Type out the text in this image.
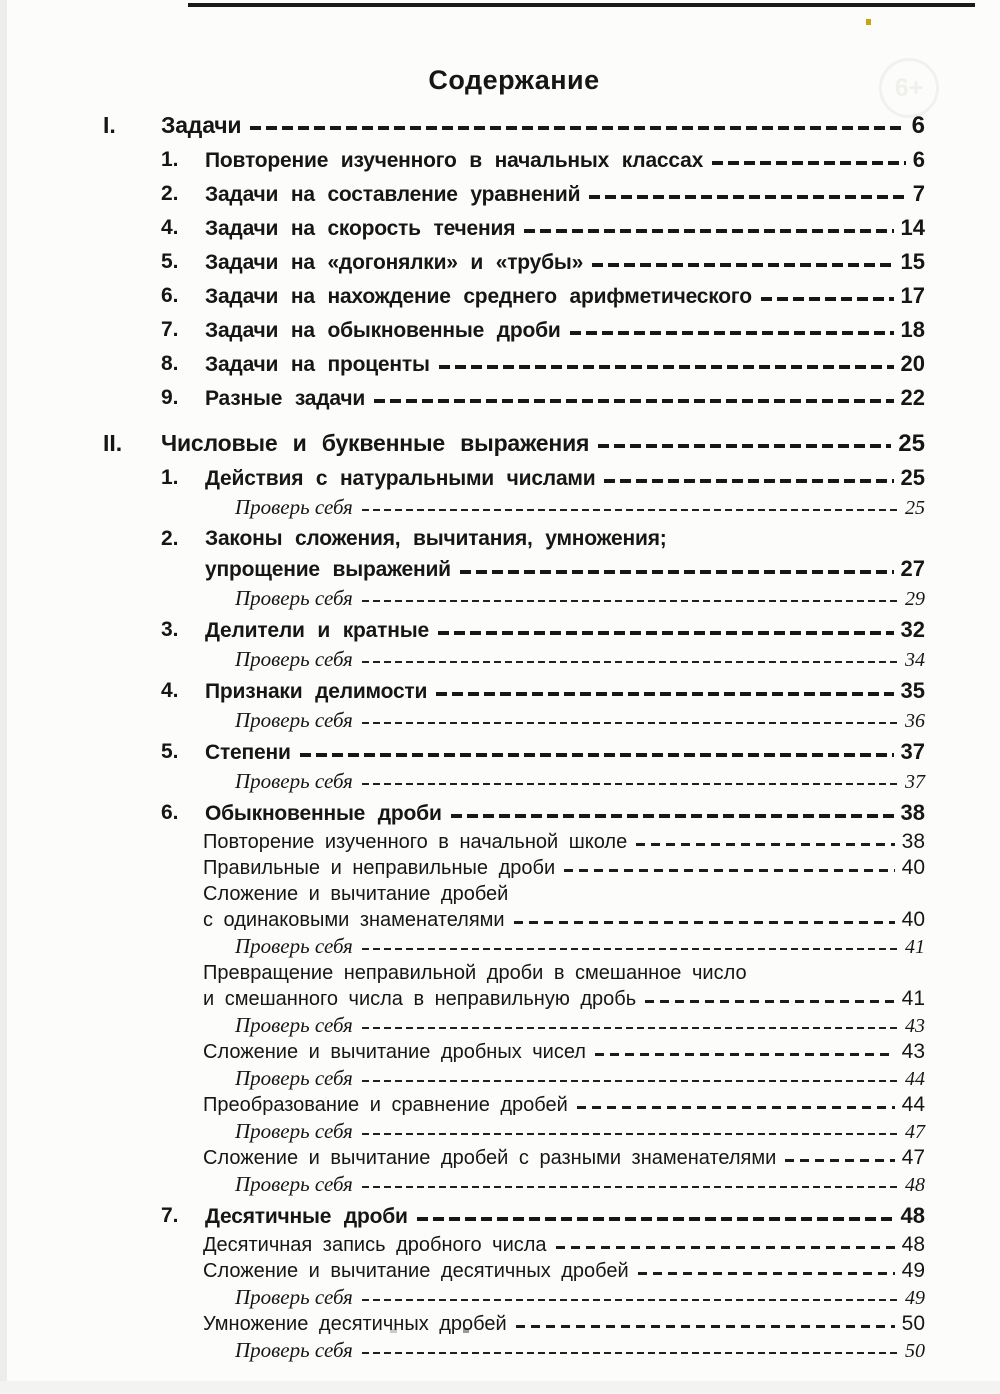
6+
Содержание
I.	Задачи	6
1.	Повторение изученного в начальных классах	6
2.	Задачи на составление уравнений	7
4.	Задачи на скорость течения	14
5.	Задачи на «догонялки» и «трубы»	15
6.	Задачи на нахождение среднего арифметического	17
7.	Задачи на обыкновенные дроби	18
8.	Задачи на проценты	20
9.	Разные задачи	22
II.	Числовые и буквенные выражения	25
1.	Действия с натуральными числами	25
Проверь себя	25
2.	Законы сложения, вычитания, умножения;
упрощение выражений	27
Проверь себя	29
3.	Делители и кратные	32
Проверь себя	34
4.	Признаки делимости	35
Проверь себя	36
5.	Степени	37
Проверь себя	37
6.	Обыкновенные дроби	38
Повторение изученного в начальной школе	38
Правильные и неправильные дроби	40
Сложение и вычитание дробей
с одинаковыми знаменателями	40
Проверь себя	41
Превращение неправильной дроби в смешанное число
и смешанного числа в неправильную дробь	41
Проверь себя	43
Сложение и вычитание дробных чисел	43
Проверь себя	44
Преобразование и сравнение дробей	44
Проверь себя	47
Сложение и вычитание дробей с разными знаменателями	47
Проверь себя	48
7.	Десятичные дроби	48
Десятичная запись дробного числа	48
Сложение и вычитание десятичных дробей	49
Проверь себя	49
Умножение десятичных дробей	50
Проверь себя	50
